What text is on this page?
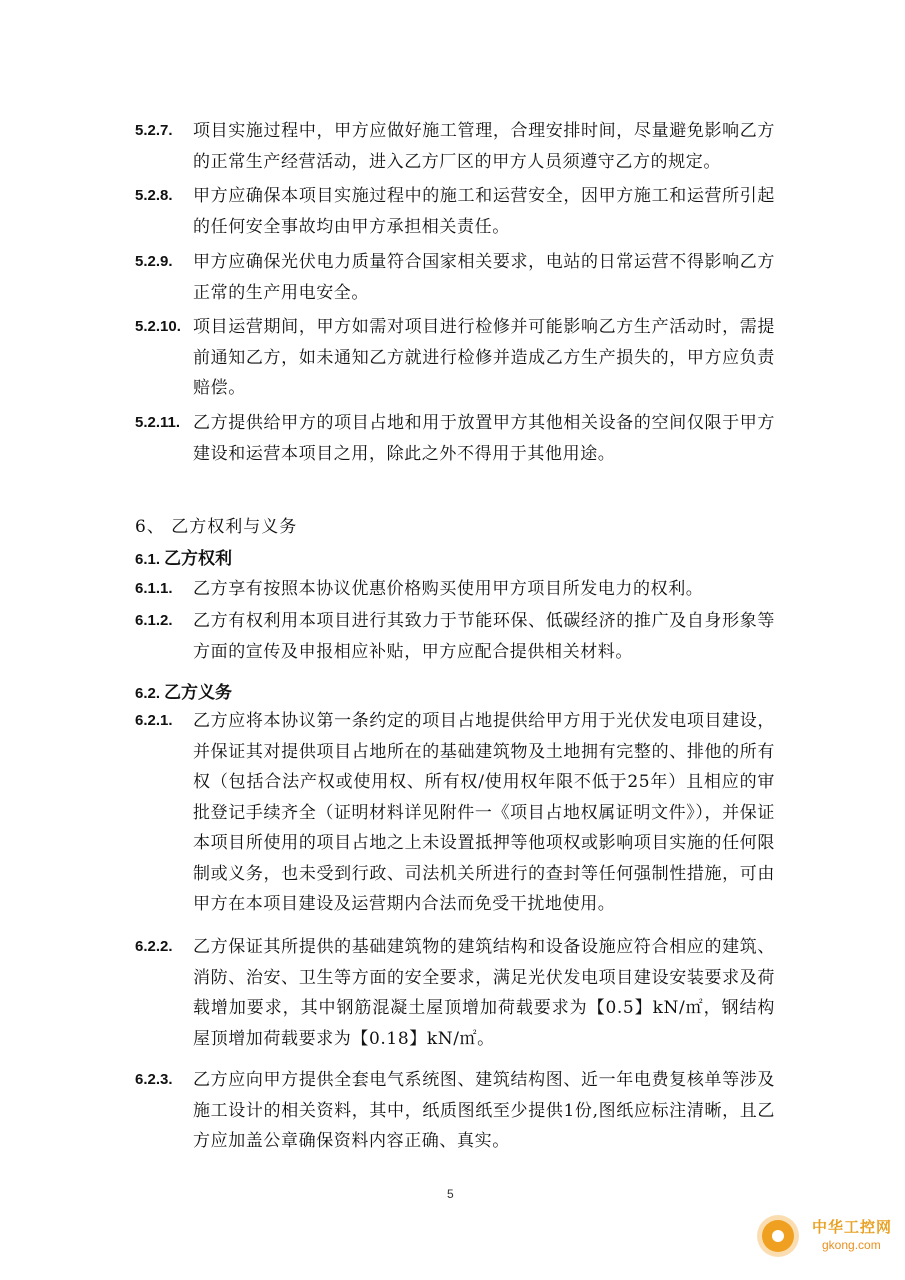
5.2.7. 项目实施过程中，甲方应做好施工管理，合理安排时间，尽量避免影响乙方的正常生产经营活动，进入乙方厂区的甲方人员须遵守乙方的规定。
5.2.8. 甲方应确保本项目实施过程中的施工和运营安全，因甲方施工和运营所引起的任何安全事故均由甲方承担相关责任。
5.2.9. 甲方应确保光伏电力质量符合国家相关要求，电站的日常运营不得影响乙方正常的生产用电安全。
5.2.10. 项目运营期间，甲方如需对项目进行检修并可能影响乙方生产活动时，需提前通知乙方，如未通知乙方就进行检修并造成乙方生产损失的，甲方应负责赔偿。
5.2.11. 乙方提供给甲方的项目占地和用于放置甲方其他相关设备的空间仅限于甲方建设和运营本项目之用，除此之外不得用于其他用途。
6、 乙方权利与义务
6.1. 乙方权利
6.1.1. 乙方享有按照本协议优惠价格购买使用甲方项目所发电力的权利。
6.1.2. 乙方有权利用本项目进行其致力于节能环保、低碳经济的推广及自身形象等方面的宣传及申报相应补贴，甲方应配合提供相关材料。
6.2. 乙方义务
6.2.1. 乙方应将本协议第一条约定的项目占地提供给甲方用于光伏发电项目建设，并保证其对提供项目占地所在的基础建筑物及土地拥有完整的、排他的所有权（包括合法产权或使用权、所有权/使用权年限不低于25年）且相应的审批登记手续齐全（证明材料详见附件一《项目占地权属证明文件》），并保证本项目所使用的项目占地之上未设置抵押等他项权或影响项目实施的任何限制或义务，也未受到行政、司法机关所进行的查封等任何强制性措施，可由甲方在本项目建设及运营期内合法而免受干扰地使用。
6.2.2. 乙方保证其所提供的基础建筑物的建筑结构和设备设施应符合相应的建筑、消防、治安、卫生等方面的安全要求，满足光伏发电项目建设安装要求及荷载增加要求，其中钢筋混凝土屋顶增加荷载要求为【0.5】kN/㎡，钢结构屋顶增加荷载要求为【0.18】kN/㎡。
6.2.3. 乙方应向甲方提供全套电气系统图、建筑结构图、近一年电费复核单等涉及施工设计的相关资料，其中，纸质图纸至少提供1份,图纸应标注清晰，且乙方应加盖公章确保资料内容正确、真实。
5
中华工控网
gkong.com
